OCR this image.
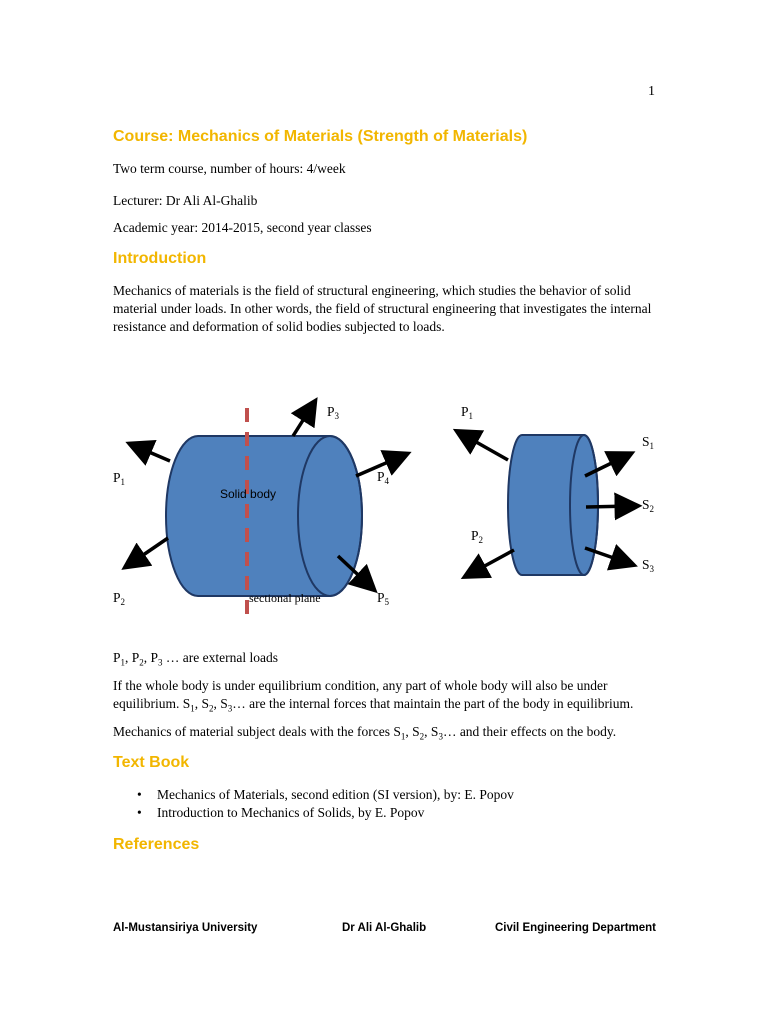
1
Course: Mechanics of Materials (Strength of Materials)

Two term course, number of hours: 4/week

Lecturer: Dr Ali Al-Ghalib

Academic year: 2014-2015, second year classes

Introduction

Mechanics of materials is the field of structural engineering, which studies the behavior of solid material under loads. In other words, the field of structural engineering that investigates the internal resistance and deformation of solid bodies subjected to loads.

Solid body
sectional plane
$P_1$
$P_2$
$P_3$
$P_4$
$P_5$
$P_1$
$P_2$
$S_1$
$S_2$
$S_3$

$P_1$, $P_2$, $P_3$ … are external loads

If the whole body is under equilibrium condition, any part of whole body will also be under equilibrium. $S_1$, $S_2$, $S_3\dots$ are the internal forces that maintain the part of the body in equilibrium.

Mechanics of material subject deals with the forces $S_1$, $S_2$, $S_3\dots$ and their effects on the body.

Text Book
• Mechanics of Materials, second edition (SI version), by: E. Popov
• Introduction to Mechanics of Solids, by E. Popov
References
Al-Mustansiriya University	Dr Ali Al-Ghalib	Civil Engineering Department
